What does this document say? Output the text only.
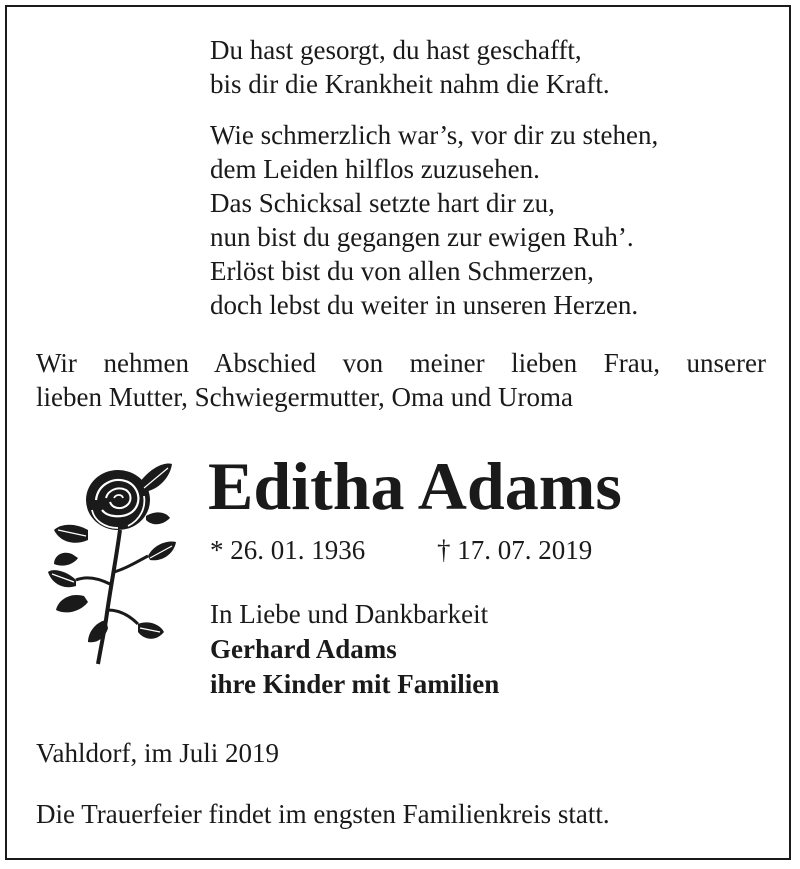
Du hast gesorgt, du hast geschafft,
bis dir die Krankheit nahm die Kraft.
Wie schmerzlich war’s, vor dir zu stehen,
dem Leiden hilflos zuzusehen.
Das Schicksal setzte hart dir zu,
nun bist du gegangen zur ewigen Ruh’.
Erlöst bist du von allen Schmerzen,
doch lebst du weiter in unseren Herzen.
Wir nehmen Abschied von meiner lieben Frau, unserer
lieben Mutter, Schwiegermutter, Oma und Uroma
Editha Adams
* 26. 01. 1936	† 17. 07. 2019
In Liebe und Dankbarkeit
Gerhard Adams
ihre Kinder mit Familien
Vahldorf, im Juli 2019
Die Trauerfeier findet im engsten Familienkreis statt.
